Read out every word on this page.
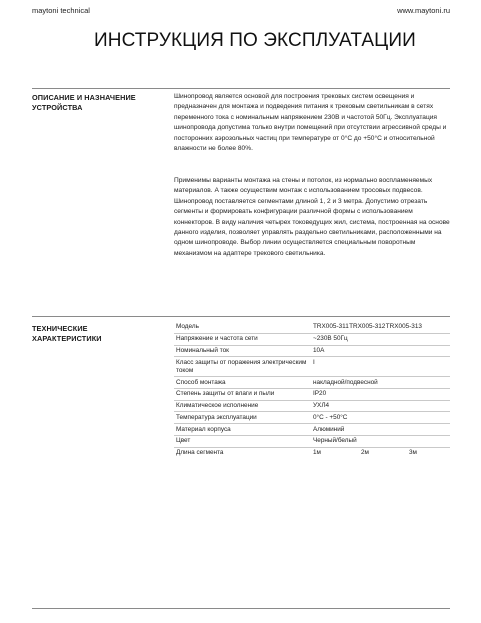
maytoni technical	www.maytoni.ru
ИНСТРУКЦИЯ ПО ЭКСПЛУАТАЦИИ
ОПИСАНИЕ И НАЗНАЧЕНИЕ
УСТРОЙСТВА

Шинопровод является основой для построения трековых систем освещения и предназначен для монтажа и подведения питания к трековым светильникам в сетях переменного тока с номинальным напряжением 230В и частотой 50Гц. Эксплуатация шинопровода допустима только внутри помещений при отсутствии агрессивной среды и посторонних аэрозольных частиц при температуре от 0°С до +50°С и относительной влажности не более 80%.

Применимы варианты монтажа на стены и потолок, из нормально воспламеняемых материалов. А также осуществим монтаж с использованием тросовых подвесов. Шинопровод поставляется сегментами длиной 1, 2 и 3 метра. Допустимо отрезать сегменты и формировать конфигурации различной формы с использованием коннекторов. В виду наличия четырех токоведущих жил, система, построенная на основе данного изделия, позволяет управлять раздельно светильниками, расположенными на одном шинопроводе. Выбор линии осуществляется специальным поворотным механизмом на адаптере трекового светильника.

ТЕХНИЧЕСКИЕ
ХАРАКТЕРИСТИКИ
Модель	TRX005-311 TRX005-312 TRX005-313

Напряжение и частота сети	~230В 50Гц
Номинальный ток	10А
Класс защиты от поражения электрическим током	I
Способ монтажа	накладной/подвесной
Степень защиты от влаги и пыли	IP20
Климатическое исполнение	УХЛ4
Температура эксплуатации	0°С - +50°С
Материал корпуса	Алюминий
Цвет	Черный/белый
Длина сегмента	1м 2м 3м
